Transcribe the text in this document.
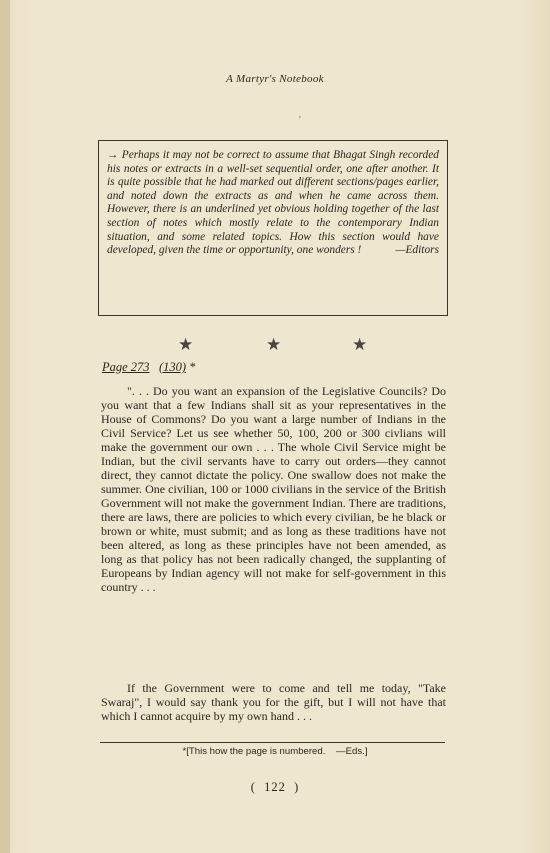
A Martyr's Notebook
'

→ Perhaps it may not be correct to assume that Bhagat Singh recorded his notes or extracts in a well-set sequential order, one after another. It is quite possible that he had marked out different sections/pages earlier, and noted down the extracts as and when he came across them. However, there is an underlined yet obvious holding together of the last section of notes which mostly relate to the contemporary Indian situation, and some related topics. How this section would have developed, given the time or opportunity, one wonders !	—Editors

★	★	★
Page 273 (130) *

". . . Do you want an expansion of the Legislative Councils? Do you want that a few Indians shall sit as your representatives in the House of Commons? Do you want a large number of Indians in the Civil Service? Let us see whether 50, 100, 200 or 300 civlians will make the government our own . . . The whole Civil Service might be Indian, but the civil servants have to carry out orders—they cannot direct, they cannot dictate the policy. One swallow does not make the summer. One civilian, 100 or 1000 civilians in the service of the British Government will not make the government Indian. There are traditions, there are laws, there are policies to which every civilian, be he black or brown or white, must submit; and as long as these traditions have not been altered, as long as these principles have not been amended, as long as that policy has not been radically changed, the supplanting of Europeans by Indian agency will not make for self-government in this country . . .

If the Government were to come and tell me today, "Take Swaraj", I would say thank you for the gift, but I will not have that which I cannot acquire by my own hand . . .

*[This how the page is numbered.    —Eds.]
(  122  )
